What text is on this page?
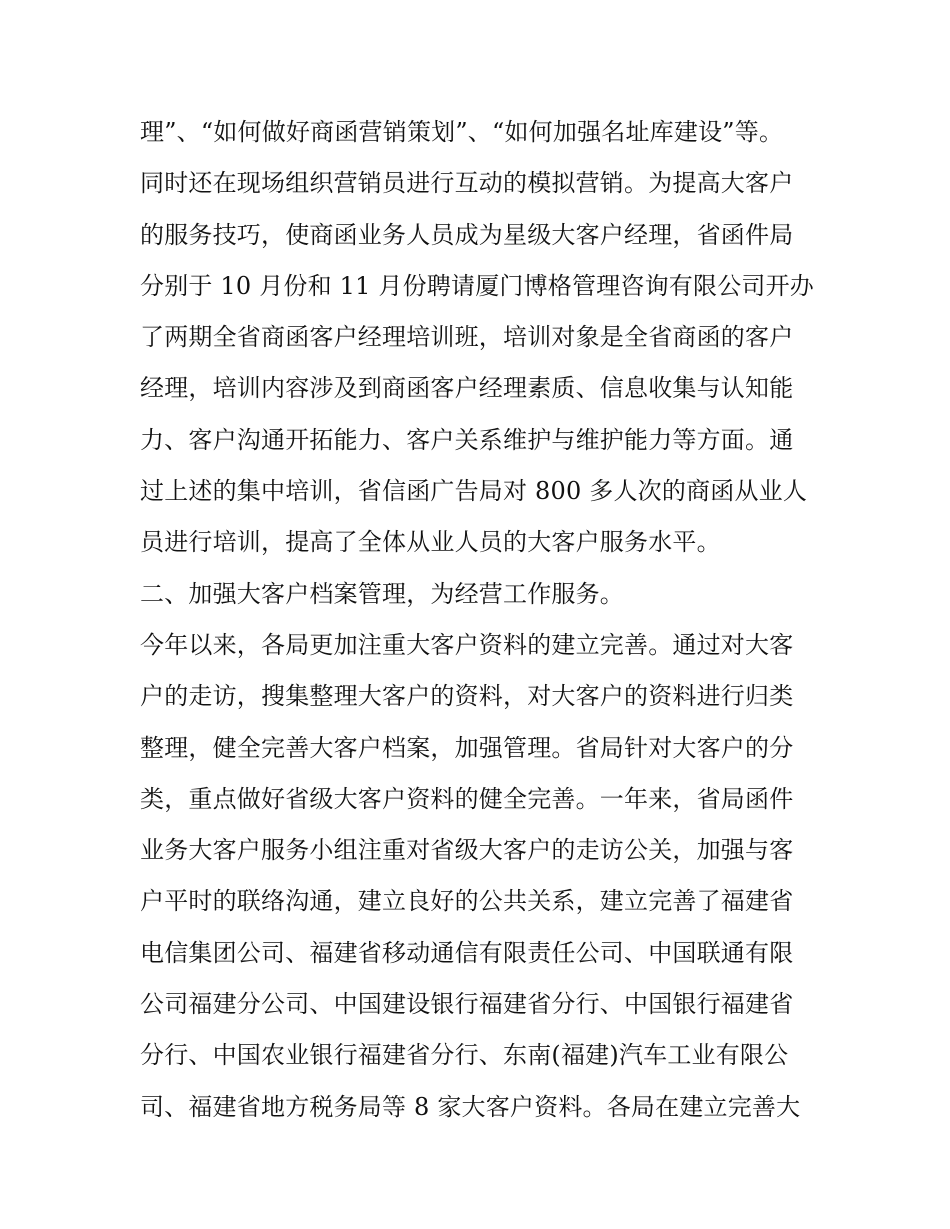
理”、“如何做好商函营销策划”、“如何加强名址库建设”等。
同时还在现场组织营销员进行互动的模拟营销。为提高大客户
的服务技巧，使商函业务人员成为星级大客户经理，省函件局
分别于 10 月份和 11 月份聘请厦门博格管理咨询有限公司开办
了两期全省商函客户经理培训班，培训对象是全省商函的客户
经理，培训内容涉及到商函客户经理素质、信息收集与认知能
力、客户沟通开拓能力、客户关系维护与维护能力等方面。通
过上述的集中培训，省信函广告局对 800 多人次的商函从业人
员进行培训，提高了全体从业人员的大客户服务水平。
二、加强大客户档案管理，为经营工作服务。
今年以来，各局更加注重大客户资料的建立完善。通过对大客
户的走访，搜集整理大客户的资料，对大客户的资料进行归类
整理，健全完善大客户档案，加强管理。省局针对大客户的分
类，重点做好省级大客户资料的健全完善。一年来，省局函件
业务大客户服务小组注重对省级大客户的走访公关，加强与客
户平时的联络沟通，建立良好的公共关系，建立完善了福建省
电信集团公司、福建省移动通信有限责任公司、中国联通有限
公司福建分公司、中国建设银行福建省分行、中国银行福建省
分行、中国农业银行福建省分行、东南(福建)汽车工业有限公
司、福建省地方税务局等 8 家大客户资料。各局在建立完善大
